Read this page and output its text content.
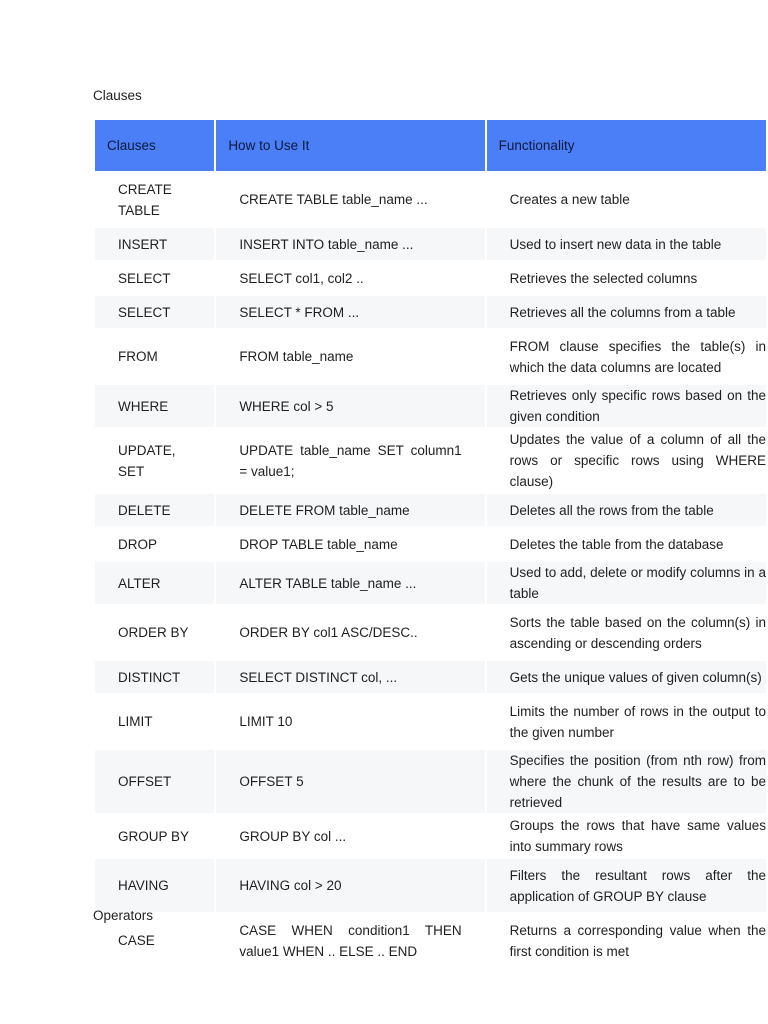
Clauses
Clauses	How to Use It	Functionality
CREATE TABLE	CREATE TABLE table_name ...	Creates a new table
INSERT	INSERT INTO table_name ...	Used to insert new data in the table
SELECT	SELECT col1, col2 ..	Retrieves the selected columns
SELECT	SELECT * FROM ...	Retrieves all the columns from a table
FROM	FROM table_name	FROM clause specifies the table(s) in which the data columns are located
WHERE	WHERE col > 5	Retrieves only specific rows based on the given condition
UPDATE, SET	UPDATE table_name SET column1 = value1;	Updates the value of a column of all the rows or specific rows using WHERE clause)
DELETE	DELETE FROM table_name	Deletes all the rows from the table
DROP	DROP TABLE table_name	Deletes the table from the database
ALTER	ALTER TABLE table_name ...	Used to add, delete or modify columns in a table
ORDER BY	ORDER BY col1 ASC/DESC..	Sorts the table based on the column(s) in ascending or descending orders
DISTINCT	SELECT DISTINCT col, ...	Gets the unique values of given column(s)
LIMIT	LIMIT 10	Limits the number of rows in the output to the given number
OFFSET	OFFSET 5	Specifies the position (from nth row) from where the chunk of the results are to be retrieved
GROUP BY	GROUP BY col ...	Groups the rows that have same values into summary rows
HAVING	HAVING col > 20	Filters the resultant rows after the application of GROUP BY clause
CASE	CASE WHEN condition1 THEN value1 WHEN .. ELSE .. END	Returns a corresponding value when the first condition is met
Operators
